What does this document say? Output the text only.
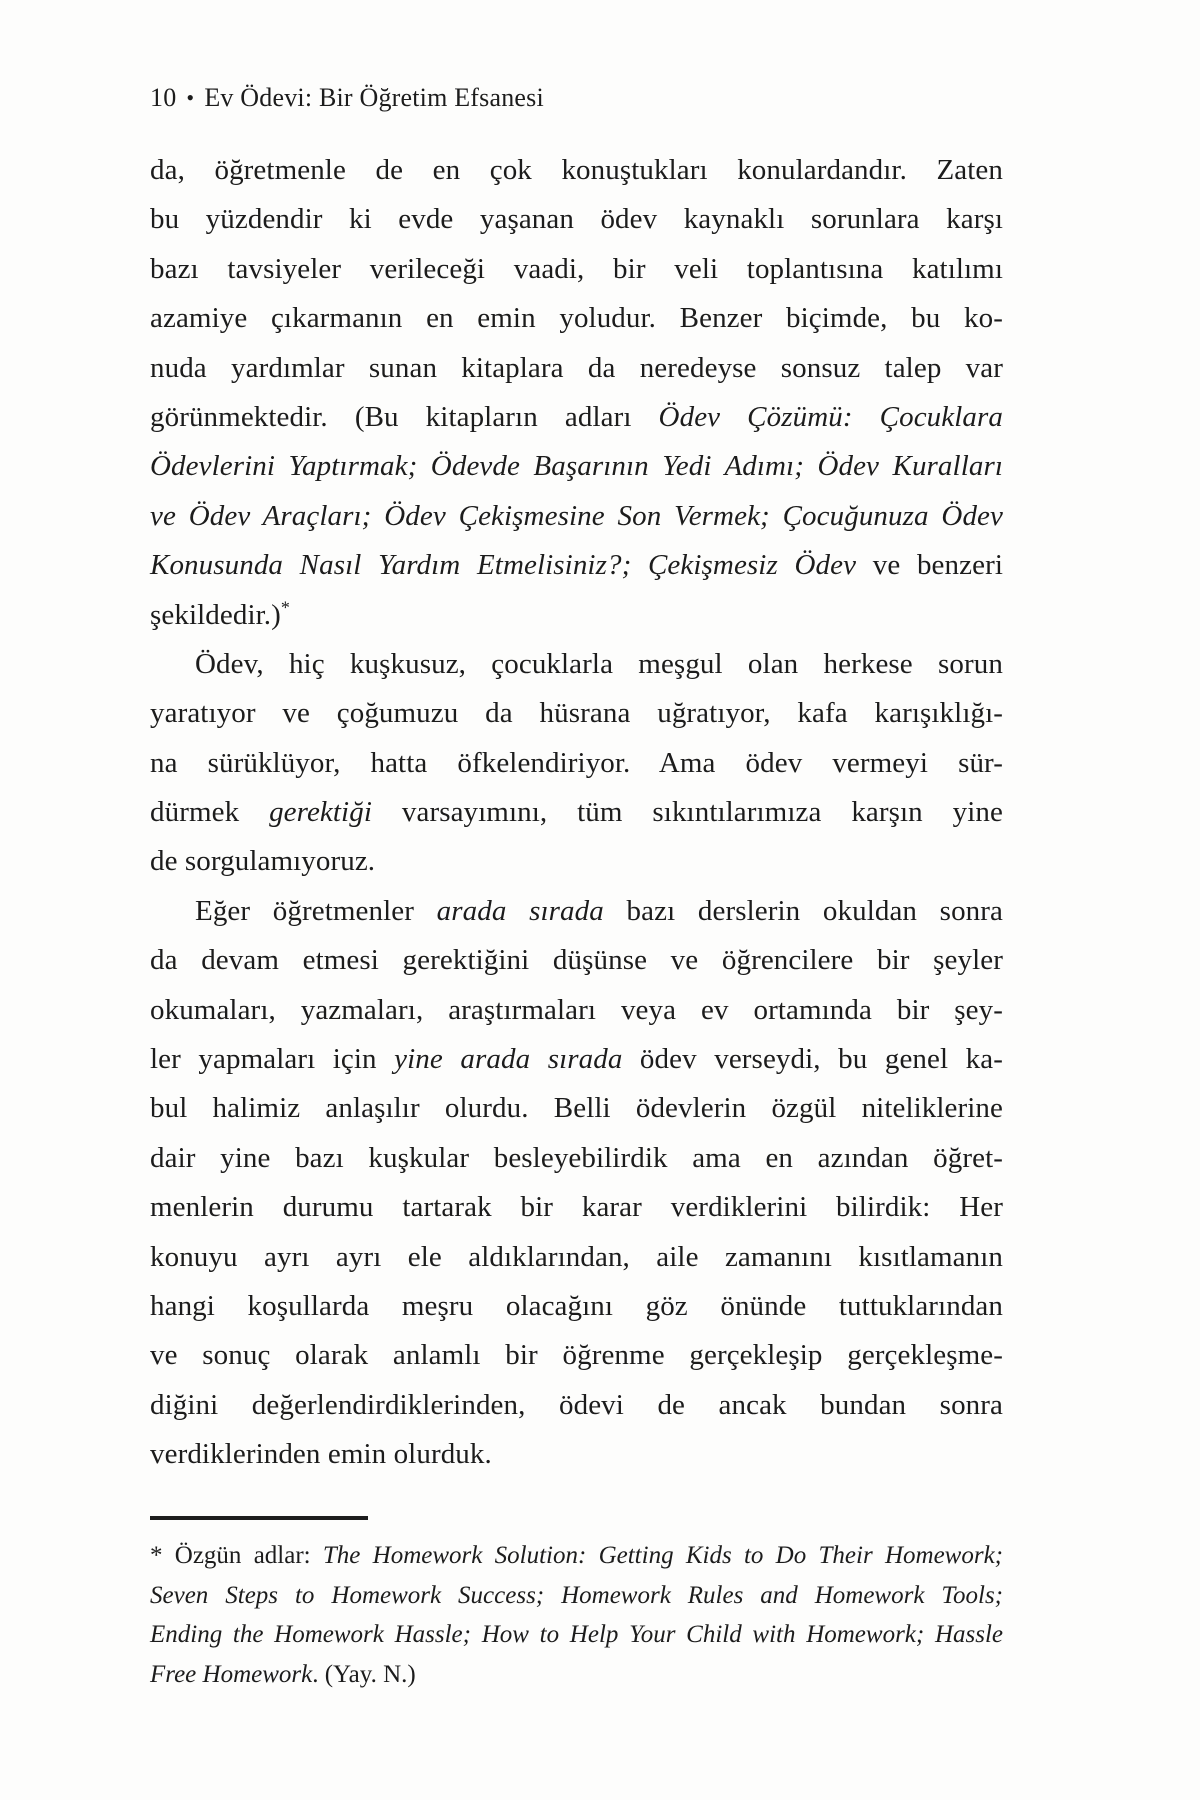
10 • Ev Ödevi: Bir Öğretim Efsanesi
da, öğretmenle de en çok konuştukları konulardandır. Zaten
bu yüzdendir ki evde yaşanan ödev kaynaklı sorunlara karşı
bazı tavsiyeler verileceği vaadi, bir veli toplantısına katılımı
azamiye çıkarmanın en emin yoludur. Benzer biçimde, bu ko-
nuda yardımlar sunan kitaplara da neredeyse sonsuz talep var
görünmektedir. (Bu kitapların adları Ödev Çözümü: Çocuklara
Ödevlerini Yaptırmak; Ödevde Başarının Yedi Adımı; Ödev Kuralları
ve Ödev Araçları; Ödev Çekişmesine Son Vermek; Çocuğunuza Ödev
Konusunda Nasıl Yardım Etmelisiniz?; Çekişmesiz Ödev ve benzeri
şekildedir.)*
Ödev, hiç kuşkusuz, çocuklarla meşgul olan herkese sorun
yaratıyor ve çoğumuzu da hüsrana uğratıyor, kafa karışıklığı-
na sürüklüyor, hatta öfkelendiriyor. Ama ödev vermeyi sür-
dürmek gerektiği varsayımını, tüm sıkıntılarımıza karşın yine
de sorgulamıyoruz.
Eğer öğretmenler arada sırada bazı derslerin okuldan sonra
da devam etmesi gerektiğini düşünse ve öğrencilere bir şeyler
okumaları, yazmaları, araştırmaları veya ev ortamında bir şey-
ler yapmaları için yine arada sırada ödev verseydi, bu genel ka-
bul halimiz anlaşılır olurdu. Belli ödevlerin özgül niteliklerine
dair yine bazı kuşkular besleyebilirdik ama en azından öğret-
menlerin durumu tartarak bir karar verdiklerini bilirdik: Her
konuyu ayrı ayrı ele aldıklarından, aile zamanını kısıtlamanın
hangi koşullarda meşru olacağını göz önünde tuttuklarından
ve sonuç olarak anlamlı bir öğrenme gerçekleşip gerçekleşme-
diğini değerlendirdiklerinden, ödevi de ancak bundan sonra
verdiklerinden emin olurduk.
* Özgün adlar: The Homework Solution: Getting Kids to Do Their Homework;
Seven Steps to Homework Success; Homework Rules and Homework Tools;
Ending the Homework Hassle; How to Help Your Child with Homework; Hassle
Free Homework. (Yay. N.)
